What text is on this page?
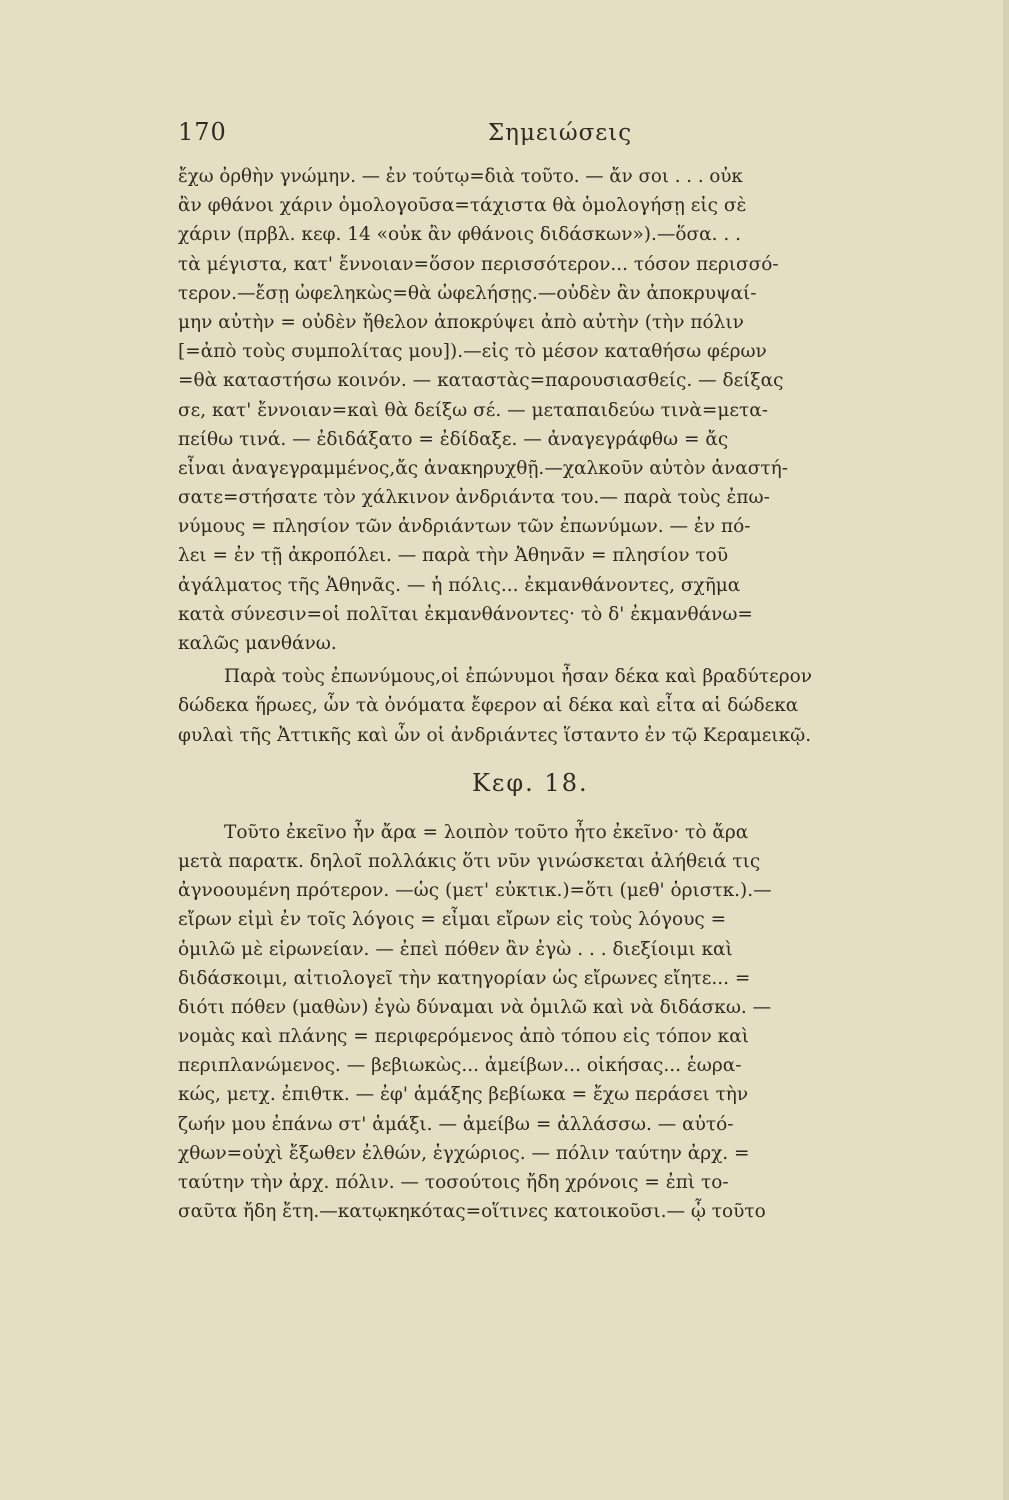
170	Σημειώσεις
ἔχω ὀρθὴν γνώμην. — ἐν τούτῳ=διὰ τοῦτο. — ἄν σοι . . . οὐκ
ἂν φθάνοι χάριν ὁμολογοῦσα=τάχιστα θὰ ὁμολογήσῃ εἰς σὲ
χάριν (πρβλ. κεφ. 14 «οὐκ ἂν φθάνοις διδάσκων»).—ὅσα. . .
τὰ μέγιστα, κατ' ἔννοιαν=ὅσον περισσότερον... τόσον περισσό-
τερον.—ἔσῃ ὠφεληκὼς=θὰ ὠφελήσῃς.—οὐδὲν ἂν ἀποκρυψαί-
μην αὐτὴν = οὐδὲν ἤθελον ἀποκρύψει ἀπὸ αὐτὴν (τὴν πόλιν
[=ἀπὸ τοὺς συμπολίτας μου]).—εἰς τὸ μέσον καταθήσω φέρων
=θὰ καταστήσω κοινόν. — καταστὰς=παρουσιασθείς. — δείξας
σε, κατ' ἔννοιαν=καὶ θὰ δείξω σέ. — μεταπαιδεύω τινὰ=μετα-
πείθω τινά. — ἐδιδάξατο = ἐδίδαξε. — ἀναγεγράφθω = ἄς
εἶναι ἀναγεγραμμένος,ἄς ἀνακηρυχθῇ.—χαλκοῦν αὐτὸν ἀναστή-
σατε=στήσατε τὸν χάλκινον ἀνδριάντα του.— παρὰ τοὺς ἐπω-
νύμους = πλησίον τῶν ἀνδριάντων τῶν ἐπωνύμων. — ἐν πό-
λει = ἐν τῇ ἀκροπόλει. — παρὰ τὴν Ἀθηνᾶν = πλησίον τοῦ
ἀγάλματος τῆς Ἀθηνᾶς. — ἡ πόλις... ἐκμανθάνοντες, σχῆμα
κατὰ σύνεσιν=οἱ πολῖται ἐκμανθάνοντες· τὸ δ' ἐκμανθάνω=
καλῶς μανθάνω.
Παρὰ τοὺς ἐπωνύμους,οἱ ἐπώνυμοι ἦσαν δέκα καὶ βραδύτερον
δώδεκα ἥρωες, ὧν τὰ ὀνόματα ἔφερον αἱ δέκα καὶ εἶτα αἱ δώδεκα
φυλαὶ τῆς Ἀττικῆς καὶ ὧν οἱ ἀνδριάντες ἵσταντο ἐν τῷ Κεραμεικῷ.
Κεφ. 18.
Τοῦτο ἐκεῖνο ἦν ἄρα = λοιπὸν τοῦτο ἦτο ἐκεῖνο· τὸ ἄρα
μετὰ παρατκ. δηλοῖ πολλάκις ὅτι νῦν γινώσκεται ἀλήθειά τις
ἀγνοουμένη πρότερον. —ὡς (μετ' εὐκτικ.)=ὅτι (μεθ' ὁριστκ.).—
εἴρων εἰμὶ ἐν τοῖς λόγοις = εἶμαι εἴρων εἰς τοὺς λόγους =
ὁμιλῶ μὲ εἰρωνείαν. — ἐπεὶ πόθεν ἂν ἐγὼ . . . διεξίοιμι καὶ
διδάσκοιμι, αἰτιολογεῖ τὴν κατηγορίαν ὡς εἴρωνες εἴητε... =
διότι πόθεν (μαθὼν) ἐγὼ δύναμαι νὰ ὁμιλῶ καὶ νὰ διδάσκω. —
νομὰς καὶ πλάνης = περιφερόμενος ἀπὸ τόπου εἰς τόπον καὶ
περιπλανώμενος. — βεβιωκὼς... ἀμείβων... οἰκήσας... ἑωρα-
κώς, μετχ. ἐπιθτκ. — ἐφ' ἁμάξης βεβίωκα = ἔχω περάσει τὴν
ζωήν μου ἐπάνω στ' ἁμάξι. — ἀμείβω = ἀλλάσσω. — αὐτό-
χθων=οὐχὶ ἔξωθεν ἐλθών, ἐγχώριος. — πόλιν ταύτην ἀρχ. =
ταύτην τὴν ἀρχ. πόλιν. — τοσούτοις ἤδη χρόνοις = ἐπὶ το-
σαῦτα ἤδη ἔτη.—κατῳκηκότας=οἵτινες κατοικοῦσι.— ᾧ τοῦτο
